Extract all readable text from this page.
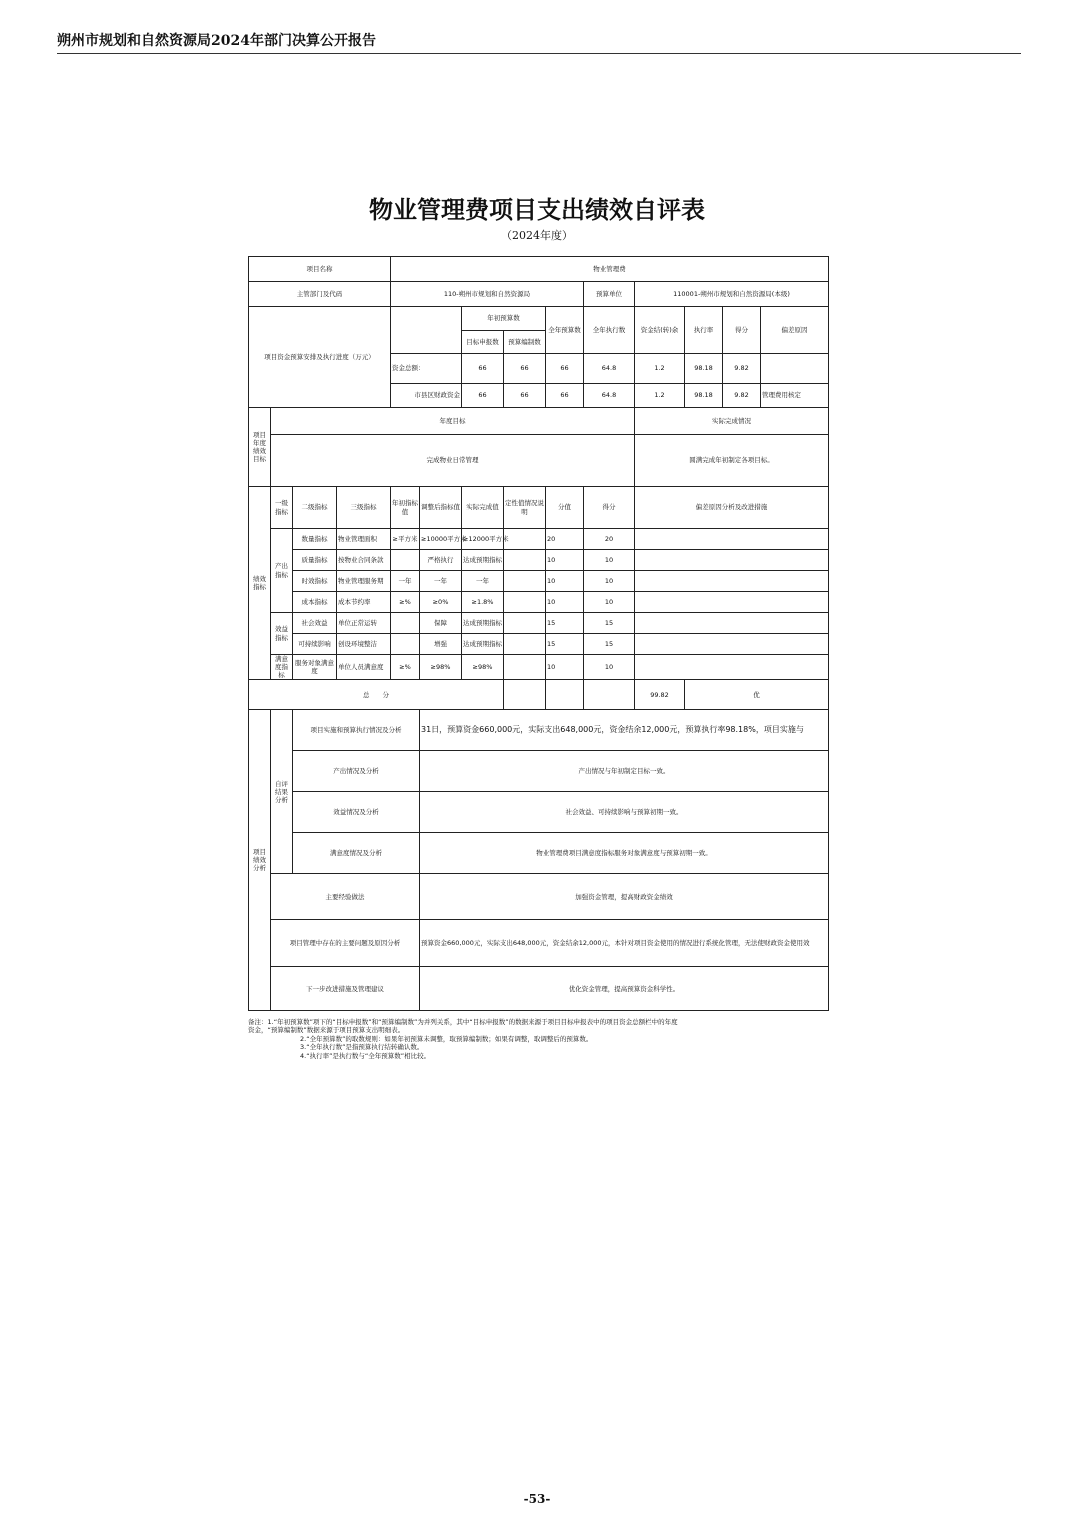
朔州市规划和自然资源局2024年部门决算公开报告
物业管理费项目支出绩效自评表
（2024年度）
项目名称				物业管理费									
主管部门及代码				110-朔州市规划和自然资源局					预算单位	110001-朔州市规划和自然资源局(本级)			
项目资金预算安排及执行进度（万元）						年初预算数		全年预算数	全年执行数	资金结(转)余	执行率	得分	偏差原因
						目标申报数	预算编制数						
				资金总额：		66	66	66	64.8	1.2	98.18	9.82	
				市县区财政资金		66	66	66	64.8	1.2	98.18	9.82	管理费用核定
项目年度绩效目标	年度目标									实际完成情况			
	完成物业日常管理									圆满完成年初制定各项目标。			
绩效指标	一级指标	二级指标	三级指标	年初指标值	调整后指标值	实际完成值	定性值情况说明	分值	得分	偏差原因分析及改进措施			
	产出指标	数量指标	物业管理面积	≥平方米	≥10000平方米	≥12000平方米		20	20				
		质量指标	按物业合同条款		严格执行	达成预期指标		10	10				
		时效指标	物业管理服务期	一年	一年	一年		10	10				
		成本指标	成本节约率	≥%	≥0%	≥1.8%		10	10				
	效益指标	社会效益	单位正常运转		保障	达成预期指标		15	15				
		可持续影响	创设环境整洁		增强	达成预期指标		15	15				
	满意度指标	服务对象满意度	单位人员满意度	≥%	≥98%	≥98%		10	10				
总　　分										99.82	优		
项目绩效分析	自评结果分析	项目实施和预算执行情况及分析			31日，预算资金660,000元，实际支出648,000元，资金结余12,000元，预算执行率98.18%，项目实施与								
		产出情况及分析			产出情况与年初制定目标一致。								
		效益情况及分析			社会效益、可持续影响与预算初期一致。								
		满意度情况及分析			物业管理费项目满意度指标服务对象满意度与预算初期一致。								
	主要经验做法				加强资金管理，提高财政资金绩效								
	项目管理中存在的主要问题及原因分析				预算资金660,000元，实际支出648,000元，资金结余12,000元，本针对项目资金使用的情况进行系统化管理，无法使财政资金使用效								
	下一步改进措施及管理建议				优化资金管理，提高预算资金科学性。								
备注：1.“年初预算数”项下的“目标申报数”和“预算编制数”为并列关系，其中“目标申报数”的数据来源于项目目标申报表中的项目资金总额栏中的年度
资金，“预算编制数”数据来源于项目预算支出明细表。
2.“全年预算数”的取数规则：如果年初预算未调整，取预算编制数；如果有调整，取调整后的预算数。
3.“全年执行数”是指预算执行结转确认数。
4.“执行率”是执行数与“全年预算数”相比较。
-53-
